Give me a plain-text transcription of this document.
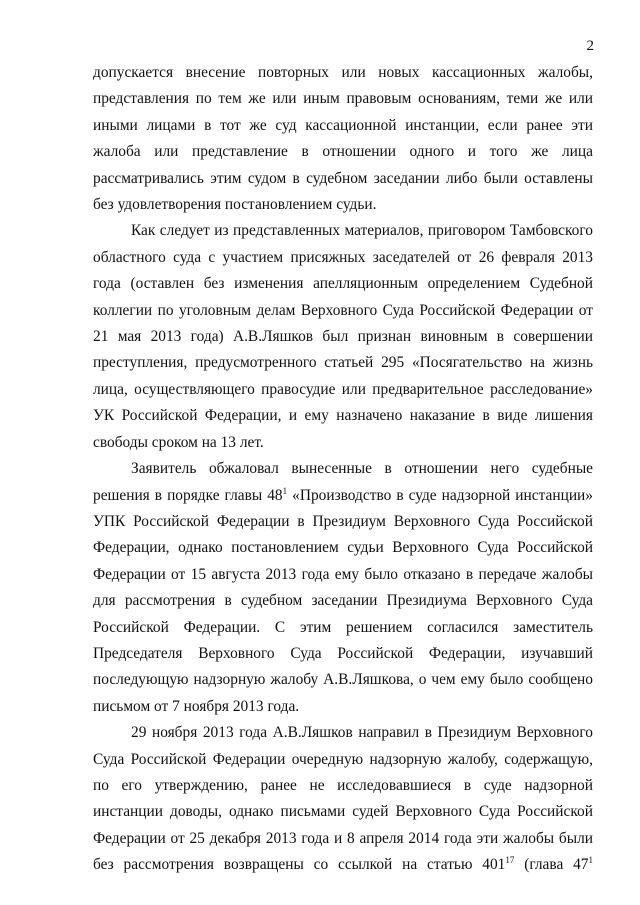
2

допускается внесение повторных или новых кассационных жалобы, представления по тем же или иным правовым основаниям, теми же или иными лицами в тот же суд кассационной инстанции, если ранее эти жалоба или представление в отношении одного и того же лица рассматривались этим судом в судебном заседании либо были оставлены без удовлетворения постановлением судьи.

Как следует из представленных материалов, приговором Тамбовского областного суда с участием присяжных заседателей от 26 февраля 2013 года (оставлен без изменения апелляционным определением Судебной коллегии по уголовным делам Верховного Суда Российской Федерации от 21 мая 2013 года) А.В.Ляшков был признан виновным в совершении преступления, предусмотренного статьей 295 «Посягательство на жизнь лица, осуществляющего правосудие или предварительное расследование» УК Российской Федерации, и ему назначено наказание в виде лишения свободы сроком на 13 лет.

Заявитель обжаловал вынесенные в отношении него судебные решения в порядке главы $48^1$ «Производство в суде надзорной инстанции» УПК Российской Федерации в Президиум Верховного Суда Российской Федерации, однако постановлением судьи Верховного Суда Российской Федерации от 15 августа 2013 года ему было отказано в передаче жалобы для рассмотрения в судебном заседании Президиума Верховного Суда Российской Федерации. С этим решением согласился заместитель Председателя Верховного Суда Российской Федерации, изучавший последующую надзорную жалобу А.В.Ляшкова, о чем ему было сообщено письмом от 7 ноября 2013 года.

29 ноября 2013 года А.В.Ляшков направил в Президиум Верховного Суда Российской Федерации очередную надзорную жалобу, содержащую, по его утверждению, ранее не исследовавшиеся в суде надзорной инстанции доводы, однако письмами судей Верховного Суда Российской Федерации от 25 декабря 2013 года и 8 апреля 2014 года эти жалобы были без рассмотрения возвращены со ссылкой на статью $401^{17}$ (глава $47^1$
